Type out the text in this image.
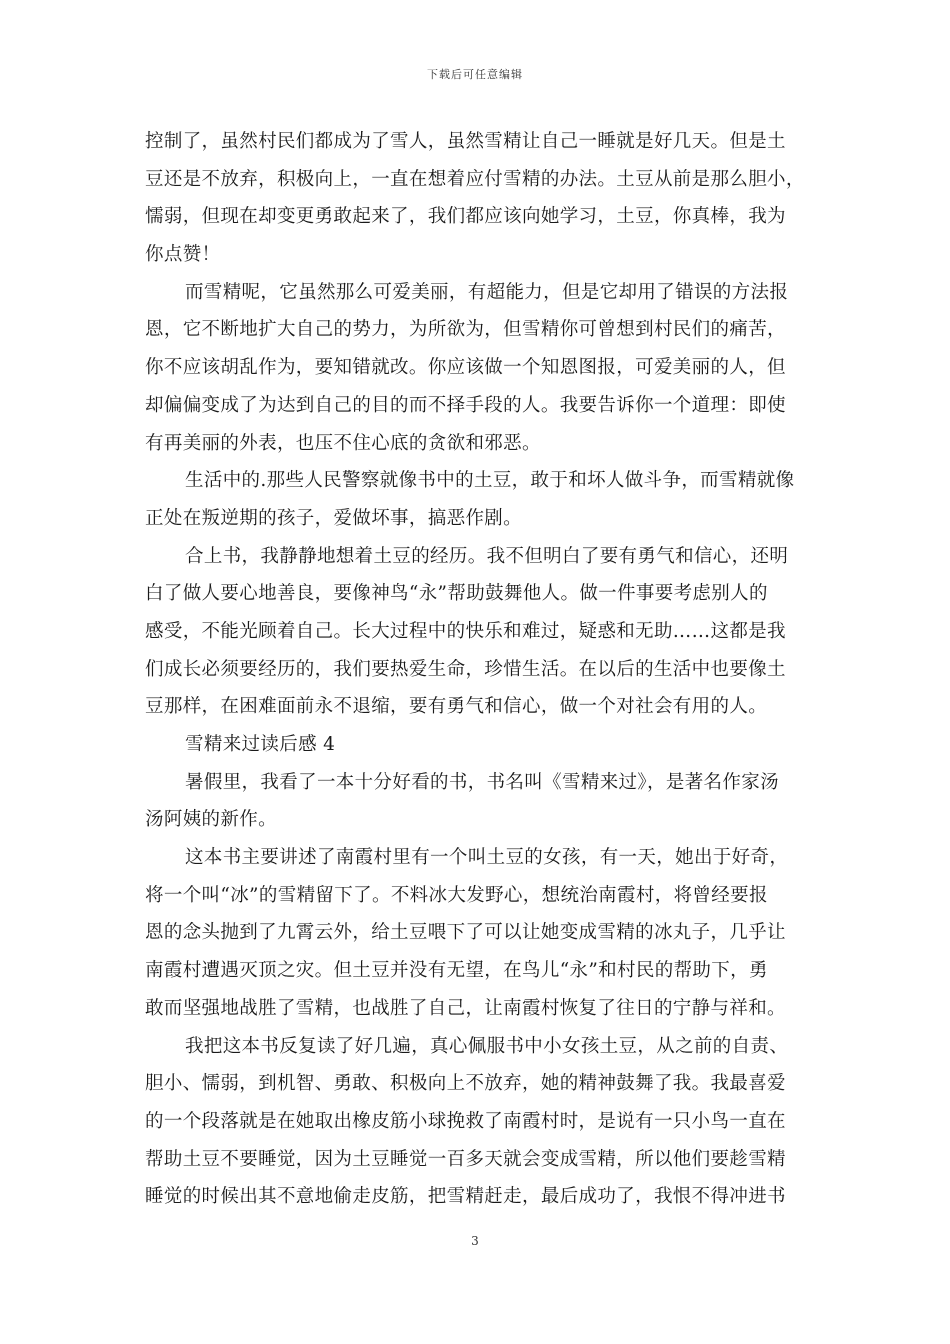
下载后可任意编辑
控制了，虽然村民们都成为了雪人，虽然雪精让自己一睡就是好几天。但是土
豆还是不放弃，积极向上，一直在想着应付雪精的办法。土豆从前是那么胆小，
懦弱，但现在却变更勇敢起来了，我们都应该向她学习，土豆，你真棒，我为
你点赞！
而雪精呢，它虽然那么可爱美丽，有超能力，但是它却用了错误的方法报
恩，它不断地扩大自己的势力，为所欲为，但雪精你可曾想到村民们的痛苦，
你不应该胡乱作为，要知错就改。你应该做一个知恩图报，可爱美丽的人，但
却偏偏变成了为达到自己的目的而不择手段的人。我要告诉你一个道理：即使
有再美丽的外表，也压不住心底的贪欲和邪恶。
生活中的.那些人民警察就像书中的土豆，敢于和坏人做斗争，而雪精就像
正处在叛逆期的孩子，爱做坏事，搞恶作剧。
合上书，我静静地想着土豆的经历。我不但明白了要有勇气和信心，还明
白了做人要心地善良，要像神鸟“永”帮助鼓舞他人。做一件事要考虑别人的
感受，不能光顾着自己。长大过程中的快乐和难过，疑惑和无助……这都是我
们成长必须要经历的，我们要热爱生命，珍惜生活。在以后的生活中也要像土
豆那样，在困难面前永不退缩，要有勇气和信心，做一个对社会有用的人。
雪精来过读后感 4
暑假里，我看了一本十分好看的书，书名叫《雪精来过》，是著名作家汤
汤阿姨的新作。
这本书主要讲述了南霞村里有一个叫土豆的女孩，有一天，她出于好奇，
将一个叫“冰”的雪精留下了。不料冰大发野心，想统治南霞村，将曾经要报
恩的念头抛到了九霄云外，给土豆喂下了可以让她变成雪精的冰丸子，几乎让
南霞村遭遇灭顶之灾。但土豆并没有无望，在鸟儿“永”和村民的帮助下，勇
敢而坚强地战胜了雪精，也战胜了自己，让南霞村恢复了往日的宁静与祥和。
我把这本书反复读了好几遍，真心佩服书中小女孩土豆，从之前的自责、
胆小、懦弱，到机智、勇敢、积极向上不放弃，她的精神鼓舞了我。我最喜爱
的一个段落就是在她取出橡皮筋小球挽救了南霞村时，是说有一只小鸟一直在
帮助土豆不要睡觉，因为土豆睡觉一百多天就会变成雪精，所以他们要趁雪精
睡觉的时候出其不意地偷走皮筋，把雪精赶走，最后成功了，我恨不得冲进书
3
